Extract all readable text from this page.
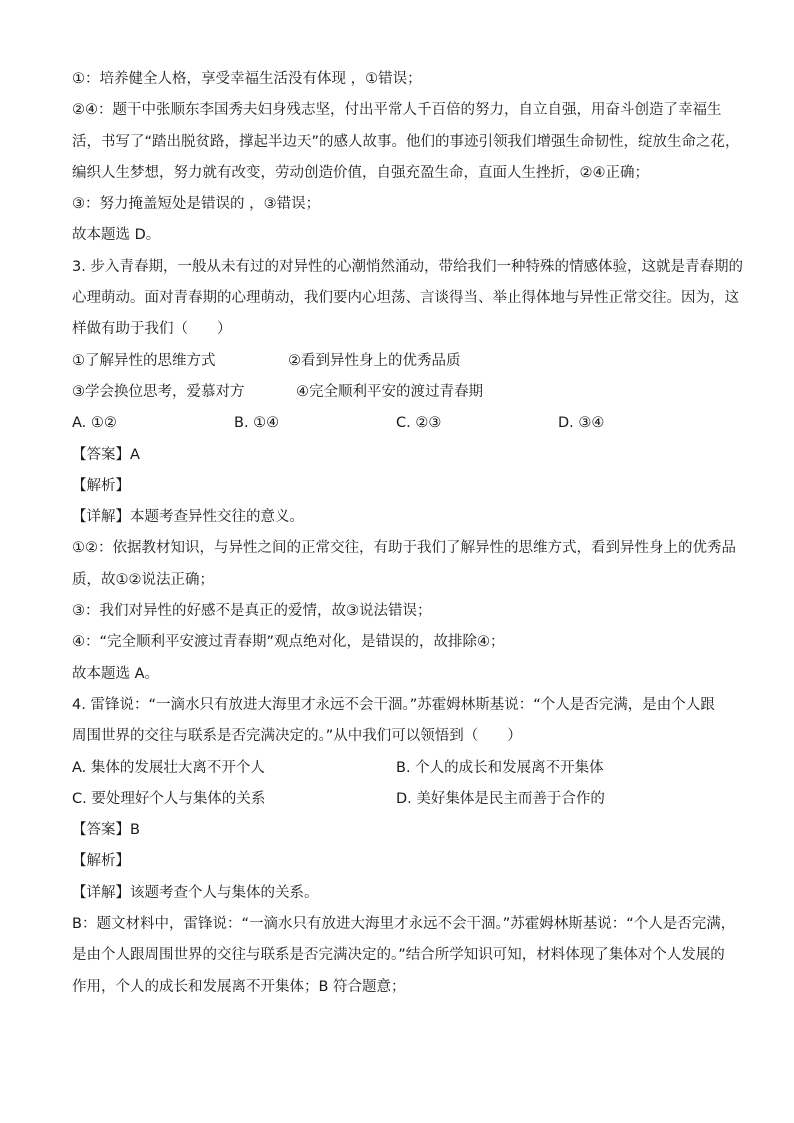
①：培养健全人格，享受幸福生活没有体现 ，①错误；
②④：题干中张顺东李国秀夫妇身残志坚，付出平常人千百倍的努力，自立自强，用奋斗创造了幸福生
活，书写了“踏出脱贫路，撑起半边天”的感人故事。他们的事迹引领我们增强生命韧性，绽放生命之花，
编织人生梦想，努力就有改变，劳动创造价值，自强充盈生命，直面人生挫折，②④正确；
③：努力掩盖短处是错误的 ，③错误；
故本题选 D。
3. 步入青春期，一般从未有过的对异性的心潮悄然涌动，带给我们一种特殊的情感体验，这就是青春期的
心理萌动。面对青春期的心理萌动，我们要内心坦荡、言谈得当、举止得体地与异性正常交往。因为，这
样做有助于我们（　　）
①了解异性的思维方式	②看到异性身上的优秀品质
③学会换位思考，爱慕对方	④完全顺利平安的渡过青春期
A. ①②	B. ①④	C. ②③	D. ③④
【答案】A
【解析】
【详解】本题考查异性交往的意义。
①②：依据教材知识，与异性之间的正常交往，有助于我们了解异性的思维方式，看到异性身上的优秀品
质，故①②说法正确；
③：我们对异性的好感不是真正的爱情，故③说法错误；
④：“完全顺利平安渡过青春期”观点绝对化，是错误的，故排除④；
故本题选 A。
4. 雷锋说：“一滴水只有放进大海里才永远不会干涸。”苏霍姆林斯基说：“个人是否完满，是由个人跟
周围世界的交往与联系是否完满决定的。”从中我们可以领悟到（　　）
A. 集体的发展壮大离不开个人	B. 个人的成长和发展离不开集体
C. 要处理好个人与集体的关系	D. 美好集体是民主而善于合作的
【答案】B
【解析】
【详解】该题考查个人与集体的关系。
B：题文材料中，雷锋说：“一滴水只有放进大海里才永远不会干涸。”苏霍姆林斯基说：“个人是否完满，
是由个人跟周围世界的交往与联系是否完满决定的。”结合所学知识可知，材料体现了集体对个人发展的
作用，个人的成长和发展离不开集体；B 符合题意；
